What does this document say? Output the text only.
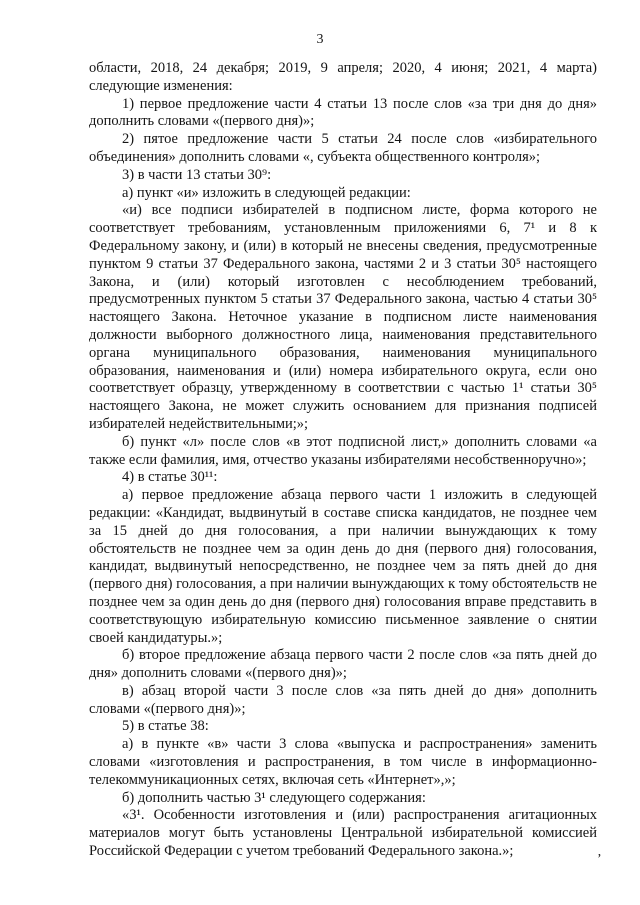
3

области, 2018, 24 декабря; 2019, 9 апреля; 2020, 4 июня; 2021, 4 марта) следующие изменения:

1) первое предложение части 4 статьи 13 после слов «за три дня до дня» дополнить словами «(первого дня)»;

2) пятое предложение части 5 статьи 24 после слов «избирательного объединения» дополнить словами «, субъекта общественного контроля»;

3) в части 13 статьи 30⁹:

а) пункт «и» изложить в следующей редакции:

«и) все подписи избирателей в подписном листе, форма которого не соответствует требованиям, установленным приложениями 6, 7¹ и 8 к Федеральному закону, и (или) в который не внесены сведения, предусмотренные пунктом 9 статьи 37 Федерального закона, частями 2 и 3 статьи 30⁵ настоящего Закона, и (или) который изготовлен с несоблюдением требований, предусмотренных пунктом 5 статьи 37 Федерального закона, частью 4 статьи 30⁵ настоящего Закона. Неточное указание в подписном листе наименования должности выборного должностного лица, наименования представительного органа муниципального образования, наименования муниципального образования, наименования и (или) номера избирательного округа, если оно соответствует образцу, утвержденному в соответствии с частью 1¹ статьи 30⁵ настоящего Закона, не может служить основанием для признания подписей избирателей недействительными;»;

б) пункт «л» после слов «в этот подписной лист,» дополнить словами «а также если фамилия, имя, отчество указаны избирателями несобственноручно»;

4) в статье 30¹¹:

а) первое предложение абзаца первого части 1 изложить в следующей редакции: «Кандидат, выдвинутый в составе списка кандидатов, не позднее чем за 15 дней до дня голосования, а при наличии вынуждающих к тому обстоятельств не позднее чем за один день до дня (первого дня) голосования, кандидат, выдвинутый непосредственно, не позднее чем за пять дней до дня (первого дня) голосования, а при наличии вынуждающих к тому обстоятельств не позднее чем за один день до дня (первого дня) голосования вправе представить в соответствующую избирательную комиссию письменное заявление о снятии своей кандидатуры.»;

б) второе предложение абзаца первого части 2 после слов «за пять дней до дня» дополнить словами «(первого дня)»;

в) абзац второй части 3 после слов «за пять дней до дня» дополнить словами «(первого дня)»;

5) в статье 38:

а) в пункте «в» части 3 слова «выпуска и распространения» заменить словами «изготовления и распространения, в том числе в информационно-телекоммуникационных сетях, включая сеть «Интернет»,»;

б) дополнить частью 3¹ следующего содержания:

«3¹. Особенности изготовления и (или) распространения агитационных материалов могут быть установлены Центральной избирательной комиссией Российской Федерации с учетом требований Федерального закона.»;

’
